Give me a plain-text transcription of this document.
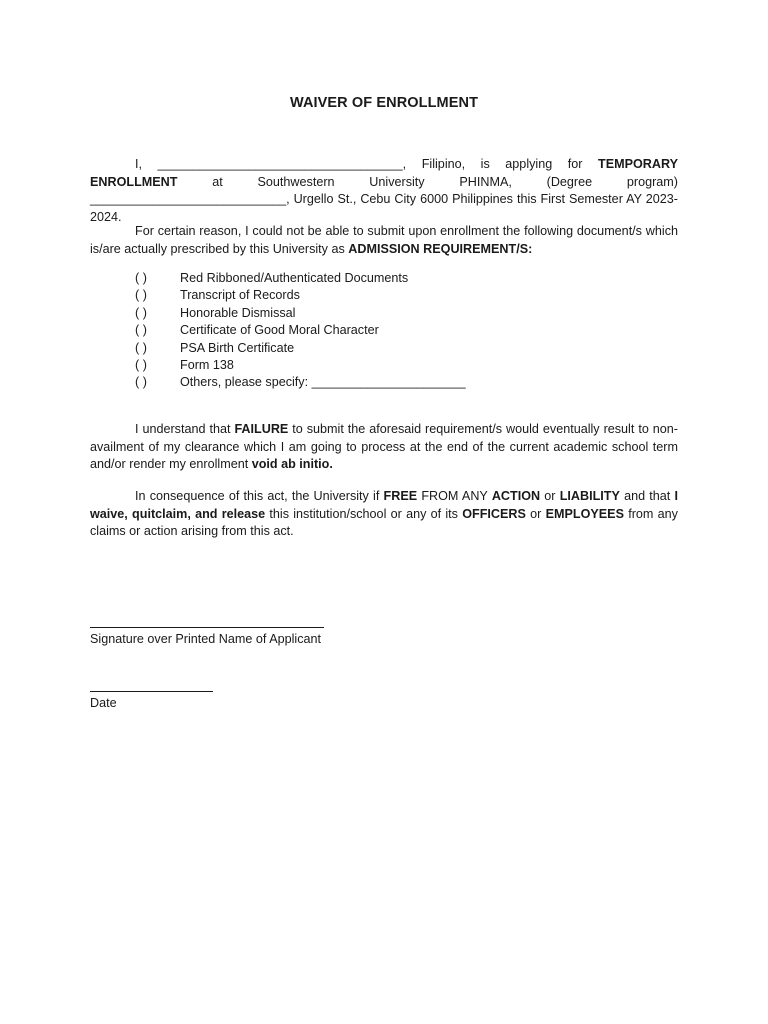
WAIVER OF ENROLLMENT
I, ___________________________________, Filipino, is applying for TEMPORARY ENROLLMENT at Southwestern University PHINMA, (Degree program) ____________________________, Urgello St., Cebu City 6000 Philippines this First Semester AY 2023-2024.
For certain reason, I could not be able to submit upon enrollment the following document/s which is/are actually prescribed by this University as ADMISSION REQUIREMENT/S:
( )	Red Ribboned/Authenticated Documents
( )	Transcript of Records
( )	Honorable Dismissal
( )	Certificate of Good Moral Character
( )	PSA Birth Certificate
( )	Form 138
( )	Others, please specify: ______________________
I understand that FAILURE to submit the aforesaid requirement/s would eventually result to non-availment of my clearance which I am going to process at the end of the current academic school term and/or render my enrollment void ab initio.
In consequence of this act, the University if FREE FROM ANY ACTION or LIABILITY and that I waive, quitclaim, and release this institution/school or any of its OFFICERS or EMPLOYEES from any claims or action arising from this act.
Signature over Printed Name of Applicant
Date
